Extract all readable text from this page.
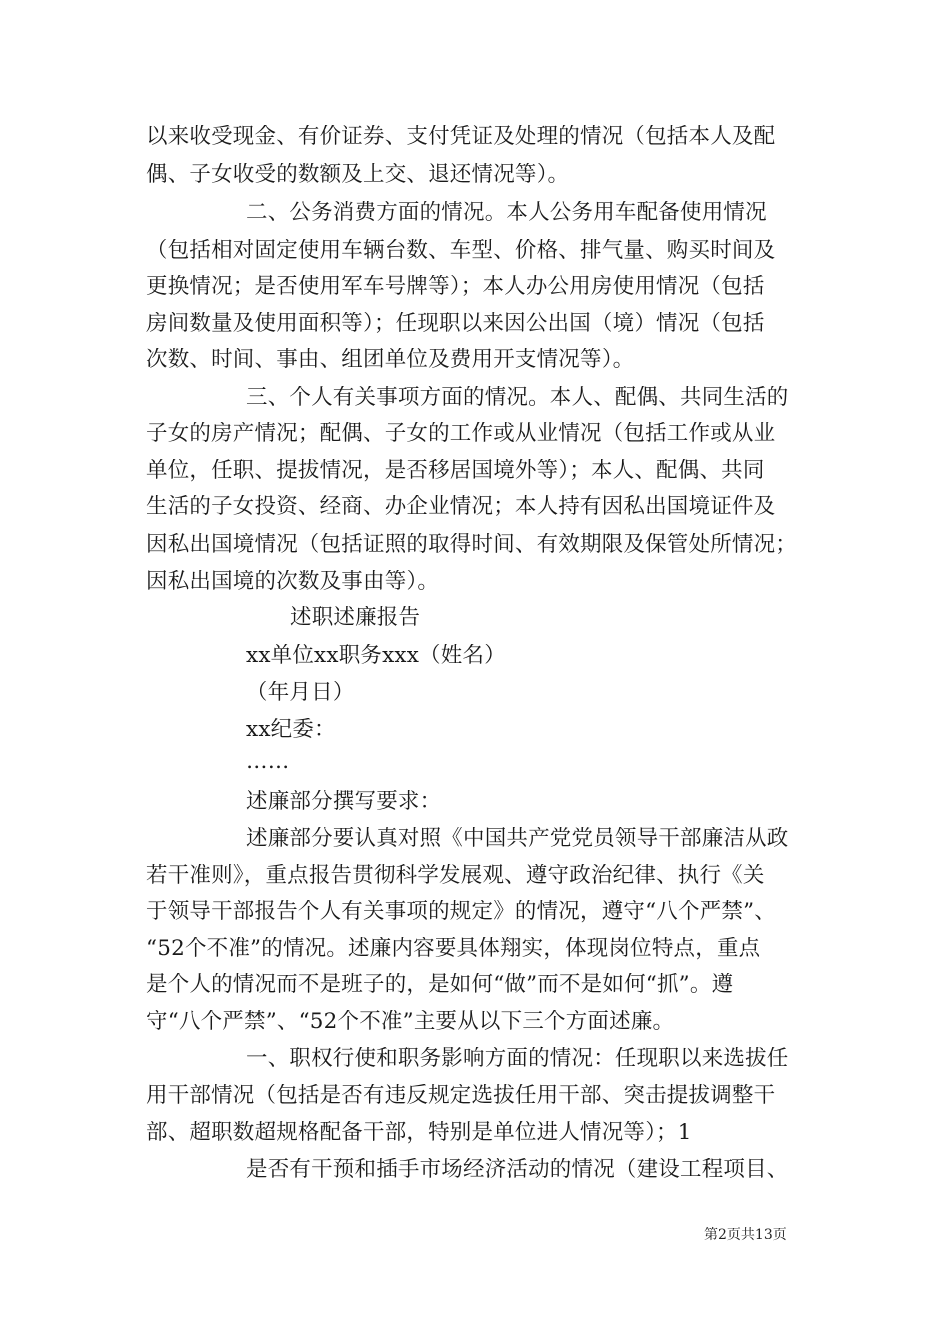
以来收受现金、有价证券、支付凭证及处理的情况（包括本人及配
偶、子女收受的数额及上交、退还情况等）。
二、公务消费方面的情况。本人公务用车配备使用情况
（包括相对固定使用车辆台数、车型、价格、排气量、购买时间及
更换情况；是否使用军车号牌等）；本人办公用房使用情况（包括
房间数量及使用面积等）；任现职以来因公出国（境）情况（包括
次数、时间、事由、组团单位及费用开支情况等）。
三、个人有关事项方面的情况。本人、配偶、共同生活的
子女的房产情况；配偶、子女的工作或从业情况（包括工作或从业
单位，任职、提拔情况，是否移居国境外等）；本人、配偶、共同
生活的子女投资、经商、办企业情况；本人持有因私出国境证件及
因私出国境情况（包括证照的取得时间、有效期限及保管处所情况；
因私出国境的次数及事由等）。
述职述廉报告
xx单位xx职务xxx（姓名）
（年月日）
xx纪委：
……
述廉部分撰写要求：
述廉部分要认真对照《中国共产党党员领导干部廉洁从政
若干准则》，重点报告贯彻科学发展观、遵守政治纪律、执行《关
于领导干部报告个人有关事项的规定》的情况，遵守“八个严禁”、
“52个不准”的情况。述廉内容要具体翔实，体现岗位特点，重点
是个人的情况而不是班子的，是如何“做”而不是如何“抓”。遵
守“八个严禁”、“52个不准”主要从以下三个方面述廉。
一、职权行使和职务影响方面的情况：任现职以来选拔任
用干部情况（包括是否有违反规定选拔任用干部、突击提拔调整干
部、超职数超规格配备干部，特别是单位进人情况等）；1
是否有干预和插手市场经济活动的情况（建设工程项目、
第2页共13页
